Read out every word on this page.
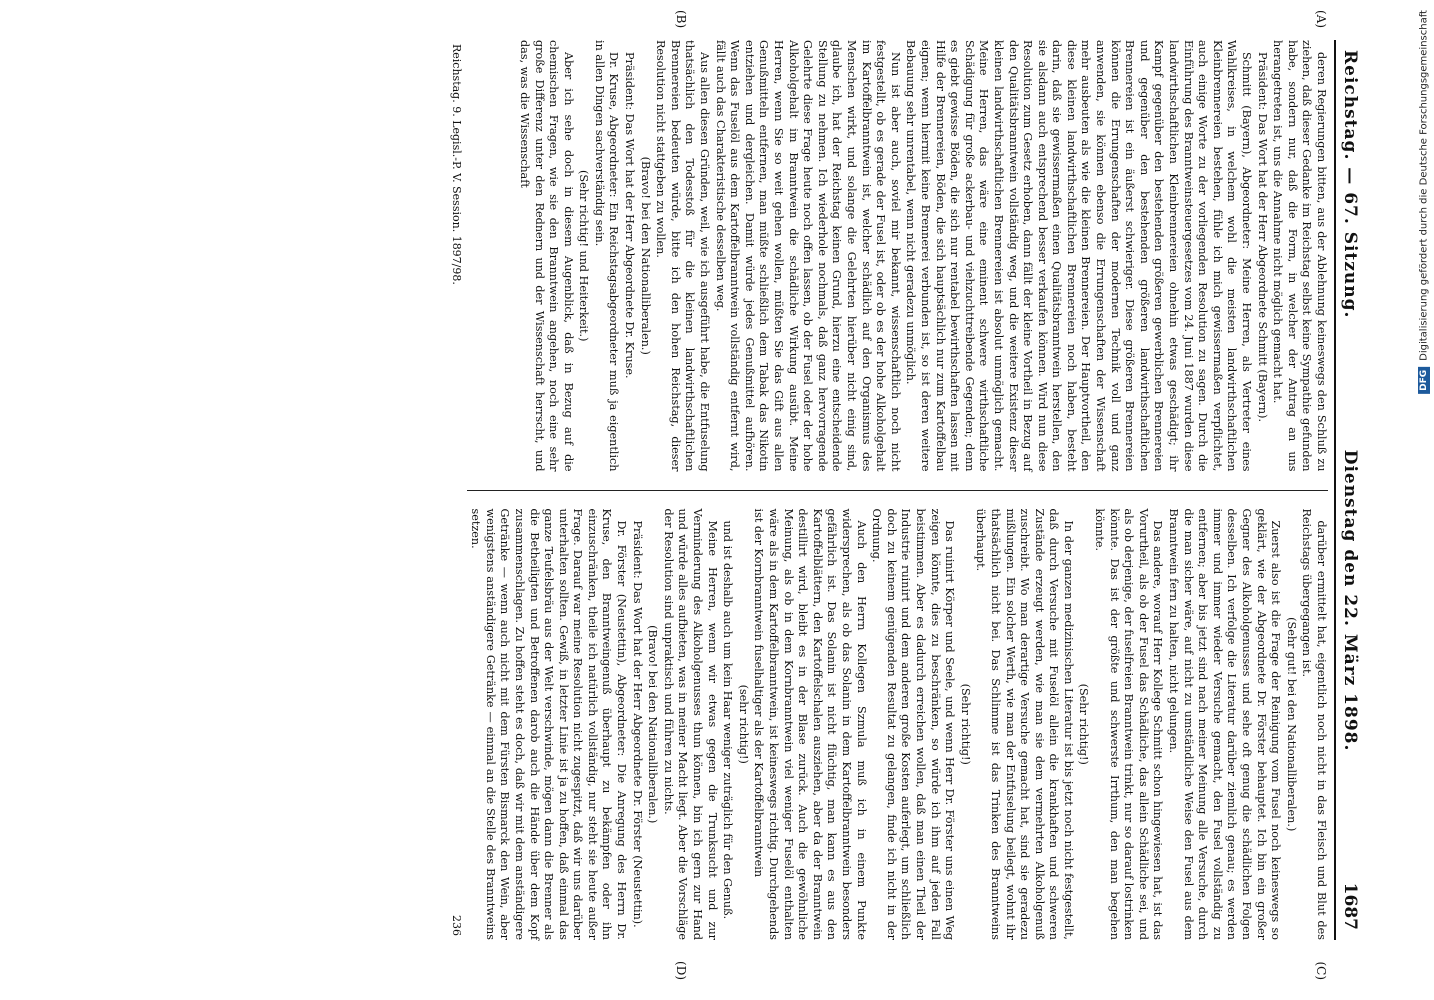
Reichstag. — 67. Sitzung.
Dienstag den 22. März 1898.
1687
(A)
(B)
(C)
(D)

deren Regierungen bitten, aus der Ablehnung keineswegs den Schluß zu ziehen, daß dieser Gedanke im Reichstag selbst keine Sympathie gefunden habe, sondern nur, daß die Form, in welcher der Antrag an uns herangetreten ist, uns die Annahme nicht möglich gemacht hat.

Präsident: Das Wort hat der Herr Abgeordnete Schmitt (Bayern).

Schmitt (Bayern), Abgeordneter: Meine Herren, als Vertreter eines Wahlkreises, in welchem wohl die meisten landwirthschaftlichen Kleinbrennereien bestehen, fühle ich mich gewissermaßen verpflichtet, auch einige Worte zu der vorliegenden Resolution zu sagen. Durch die Einführung des Branntweinsteuergesetzes vom 24. Juni 1887 wurden diese landwirthschaftlichen Kleinbrennereien ohnehin etwas geschädigt; ihr Kampf gegenüber den bestehenden größeren gewerblichen Brennereien und gegenüber den bestehenden größeren landwirthschaftlichen Brennereien ist ein äußerst schwieriger. Diese größeren Brennereien können die Errungenschaften der modernen Technik voll und ganz anwenden, sie können ebenso die Errungenschaften der Wissenschaft mehr ausbeuten als wie die kleinen Brennereien. Der Hauptvortheil, den diese kleinen landwirthschaftlichen Brennereien noch haben, besteht darin, daß sie gewissermaßen einen Qualitätsbranntwein herstellen, den sie alsdann auch entsprechend besser verkaufen können. Wird nun diese Resolution zum Gesetz erhoben, dann fällt der kleine Vortheil in Bezug auf den Qualitätsbranntwein vollständig weg, und die weitere Existenz dieser kleinen landwirthschaftlichen Brennereien ist absolut unmöglich gemacht. Meine Herren, das wäre eine eminent schwere wirthschaftliche Schädigung für große ackerbau- und viehzuchttreibende Gegenden; denn es giebt gewisse Böden, die sich nur rentabel bewirthschaften lassen mit Hilfe der Brennereien, Böden, die sich hauptsächlich nur zum Kartoffelbau eignen; wenn hiermit keine Brennerei verbunden ist, so ist deren weitere Bebauung sehr unrentabel, wenn nicht geradezu unmöglich.

Nun ist aber auch, soviel mir bekannt, wissenschaftlich noch nicht festgestellt, ob es gerade der Fusel ist, oder ob es der hohe Alkoholgehalt im Kartoffelbranntwein ist, welcher schädlich auf den Organismus des Menschen wirkt, und solange die Gelehrten hierüber nicht einig sind, glaube ich, hat der Reichstag keinen Grund, hierzu eine entscheidende Stellung zu nehmen. Ich wiederhole nochmals, daß ganz hervorragende Gelehrte diese Frage heute noch offen lassen, ob der Fusel oder der hohe Alkoholgehalt im Branntwein die schädliche Wirkung ausübt. Meine Herren, wenn Sie so weit gehen wollen, müßten Sie das Gift aus allen Genußmitteln entfernen, man müßte schließlich dem Tabak das Nikotin entziehen und dergleichen. Damit würde jedes Genußmittel aufhören. Wenn das Fuselöl aus dem Kartoffelbranntwein vollständig entfernt wird, fällt auch das Charakteristische desselben weg.

Aus allen diesen Gründen, weil, wie ich ausgeführt habe, die Entfuselung thatsächlich den Todesstoß für die kleinen landwirthschaftlichen Brennereien bedeuten würde, bitte ich den hohen Reichstag, dieser Resolution nicht stattgeben zu wollen.

(Bravo! bei den Nationalliberalen.)

Präsident: Das Wort hat der Herr Abgeordnete Dr. Kruse.

Dr. Kruse, Abgeordneter: Ein Reichstagsabgeordneter muß ja eigentlich in allen Dingen sachverständig sein.

(Sehr richtig! und Heiterkeit.)

Aber ich sehe doch in diesem Augenblick, daß in Bezug auf die chemischen Fragen, wie sie den Branntwein angehen, noch eine sehr große Differenz unter den Rednern und der Wissenschaft herrscht, und das, was die Wissenschaft

darüber ermittelt hat, eigentlich noch nicht in das Fleisch und Blut des Reichstags übergegangen ist.

(Sehr gut! bei den Nationalliberalen.)

Zuerst also ist die Frage der Reinigung vom Fusel noch keineswegs so geklärt, wie der Abgeordnete Dr. Förster behauptet. Ich bin ein großer Gegner des Alkoholgenusses und sehe oft genug die schädlichen Folgen desselben. Ich verfolge die Literatur darüber ziemlich genau; es werden immer und immer wieder Versuche gemacht, den Fusel vollständig zu entfernen; aber bis jetzt sind nach meiner Meinung alle Versuche, durch die man sicher wäre, auf nicht zu umständliche Weise den Fusel aus dem Branntwein fern zu halten, nicht gelungen.

Das andere, worauf Herr Kollege Schmitt schon hingewiesen hat, ist das Vorurtheil, als ob der Fusel das Schädliche, das allein Schädliche sei, und als ob derjenige, der fuselfreien Branntwein trinkt, nur so darauf lostrinken könnte. Das ist der größte und schwerste Irrthum, den man begehen könnte.

(Sehr richtig!)

In der ganzen medizinischen Literatur ist bis jetzt noch nicht festgestellt, daß durch Versuche mit Fuselöl allein die krankhaften und schweren Zustände erzeugt werden, wie man sie dem vermehrten Alkoholgenuß zuschreibt. Wo man derartige Versuche gemacht hat, sind sie geradezu mißlungen. Ein solcher Werth, wie man der Entfuselung beilegt, wohnt ihr thatsächlich nicht bei. Das Schlimme ist das Trinken des Branntweins überhaupt.

(Sehr richtig!)

Das ruinirt Körper und Seele, und wenn Herr Dr. Förster uns einen Weg zeigen könnte, dies zu beschränken, so würde ich ihm auf jeden Fall beistimmen. Aber es dadurch erreichen wollen, daß man einen Theil der Industrie ruinirt und dem anderen große Kosten auferlegt, um schließlich doch zu keinem genügenden Resultat zu gelangen, finde ich nicht in der Ordnung.

Auch den Herrn Kollegen Szmula muß ich in einem Punkte widersprechen, als ob das Solanin in dem Kartoffelbranntwein besonders gefährlich ist. Das Solanin ist nicht flüchtig, man kann es aus den Kartoffelblättern, den Kartoffelschalen ausziehen, aber da der Branntwein destillirt wird, bleibt es in der Blase zurück. Auch die gewöhnliche Meinung, als ob in dem Kornbranntwein viel weniger Fuselöl enthalten wäre als in dem Kartoffelbranntwein, ist keineswegs richtig. Durchgehends ist der Kornbranntwein fuselhaltiger als der Kartoffelbranntwein

(sehr richtig!)

und ist deshalb auch um kein Haar weniger zuträglich für den Genuß.

Meine Herren, wenn wir etwas gegen die Trunksucht und zur Verminderung des Alkoholgenusses thun können, bin ich gern zur Hand und würde alles aufbieten, was in meiner Macht liegt. Aber die Vorschläge der Resolution sind unpraktisch und führen zu nichts.

(Bravo! bei den Nationalliberalen.)

Präsident: Das Wort hat der Herr Abgeordnete Dr. Förster (Neustettin).

Dr. Förster (Neustettin), Abgeordneter: Die Anregung des Herrn Dr. Kruse, den Branntweingenuß überhaupt zu bekämpfen oder ihn einzuschränken, theile ich natürlich vollständig, nur steht sie heute außer Frage. Darauf war meine Resolution nicht zugespitzt, daß wir uns darüber unterhalten sollten. Gewiß, in letzter Linie ist ja zu hoffen, daß einmal das ganze Teufelsbräu aus der Welt verschwinde, mögen dann die Brenner als die Betheiligten und Betroffenen darob auch die Hände über dem Kopf zusammenschlagen. Zu hoffen steht es doch, daß wir mit dem anständigere Getränke — wenn auch nicht mit dem Fürsten Bismarck den Wein, aber wenigstens anständigere Getränke — einmal an die Stelle des Branntweins setzen.

Reichstag. 9. Legisl.-P. V. Session. 1897/98.
236
DFG
Digitalisierung gefördert durch die Deutsche Forschungsgemeinschaft
